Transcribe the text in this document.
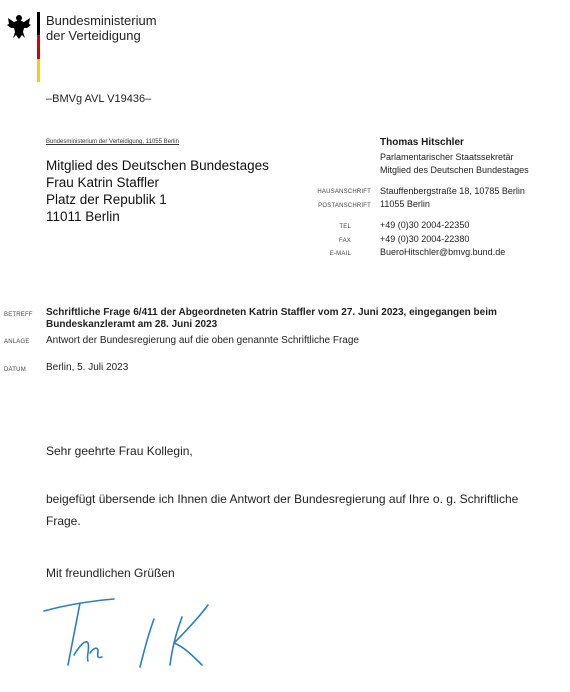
Bundesministerium
der Verteidigung
–BMVg AVL V19436–
Bundesministerium der Verteidigung, 11055 Berlin
Mitglied des Deutschen Bundestages
Frau Katrin Staffler
Platz der Republik 1
11011 Berlin
Thomas Hitschler
Parlamentarischer Staatssekretär
Mitglied des Deutschen Bundestages
HAUSANSCHRIFT Stauffenbergstraße 18, 10785 Berlin
POSTANSCHRIFT 11055 Berlin
TEL	+49 (0)30 2004-22350
FAX	+49 (0)30 2004-22380
E-MAIL	BueroHitschler@bmvg.bund.de
BETREFF Schriftliche Frage 6/411 der Abgeordneten Katrin Staffler vom 27. Juni 2023, eingegangen beim
Bundeskanzleramt am 28. Juni 2023
ANLAGE Antwort der Bundesregierung auf die oben genannte Schriftliche Frage
DATUM Berlin, 5. Juli 2023
Sehr geehrte Frau Kollegin,
beigefügt übersende ich Ihnen die Antwort der Bundesregierung auf Ihre o. g. Schriftliche
Frage.
Mit freundlichen Grüßen
